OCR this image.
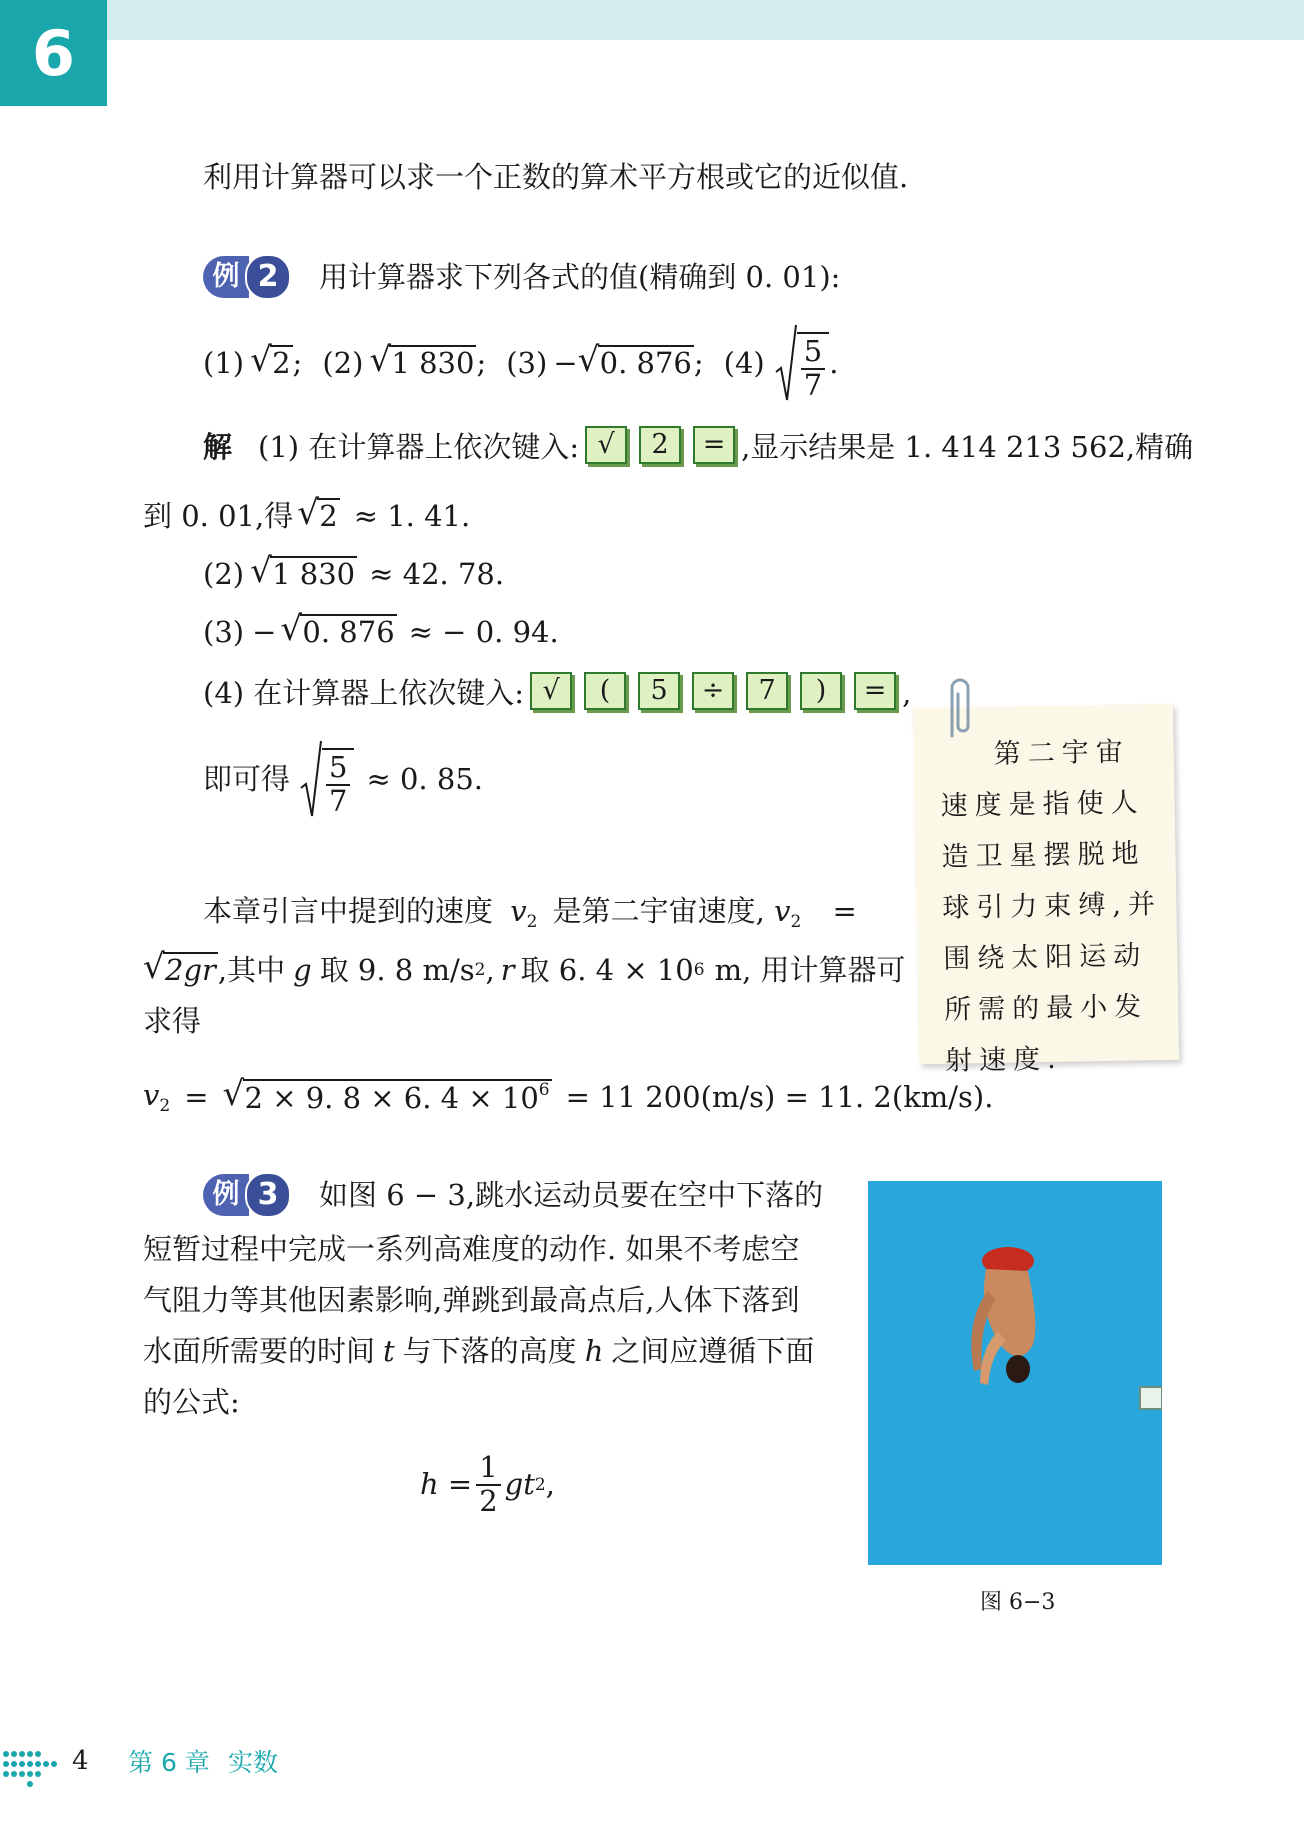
6
利用计算器可以求一个正数的算术平方根或它的近似值.
例 2	用计算器求下列各式的值(精确到 0. 01):
(1) √ 2 ; (2) √ 1 830 ; (3) − √ 0. 876 ; $(4) \frac{5}{7}$ .
解 (1) 在计算器上依次键入: √	2	= ,显示结果是 1. 414 213 562,精确
到 0. 01,得 √ 2 ≈ 1. 41.
(2) √ 1 830 ≈ 42. 78.
(3) − √ 0. 876 ≈ − 0. 94.
(4) 在计算器上依次键入: √	(	5	÷	7	)	= ,
即可得 $\frac{5}{7} \approx 0$. 85.
本章引言中提到的速度 $v_2$ 是第二宇宙速度, $v_2$ =
√ 2gr ,其中 g 取 9. 8 m/s 2 , r 取 6. 4 × 10 6 m, 用计算器可
求得
$v_2$ = √ 2 × 9. 8 × 6. $4 \times 10^6 = 11$ 200(m/s) = 11. 2(km/s).
例 3	如图 6 − 3,跳水运动员要在空中下落的
短暂过程中完成一系列高难度的动作. 如果不考虑空
气阻力等其他因素影响,弹跳到最高点后,人体下落到
水面所需要的时间 t 与下落的高度 h 之间应遵循下面
的公式:
$h = \frac{1}{2}$ gt 2 ,

第二宇宙速度是指使人造卫星摆脱地球引力束缚,并围绕太阳运动所需的最小发射速度.

图 6−3
4 第 6 章 实数
